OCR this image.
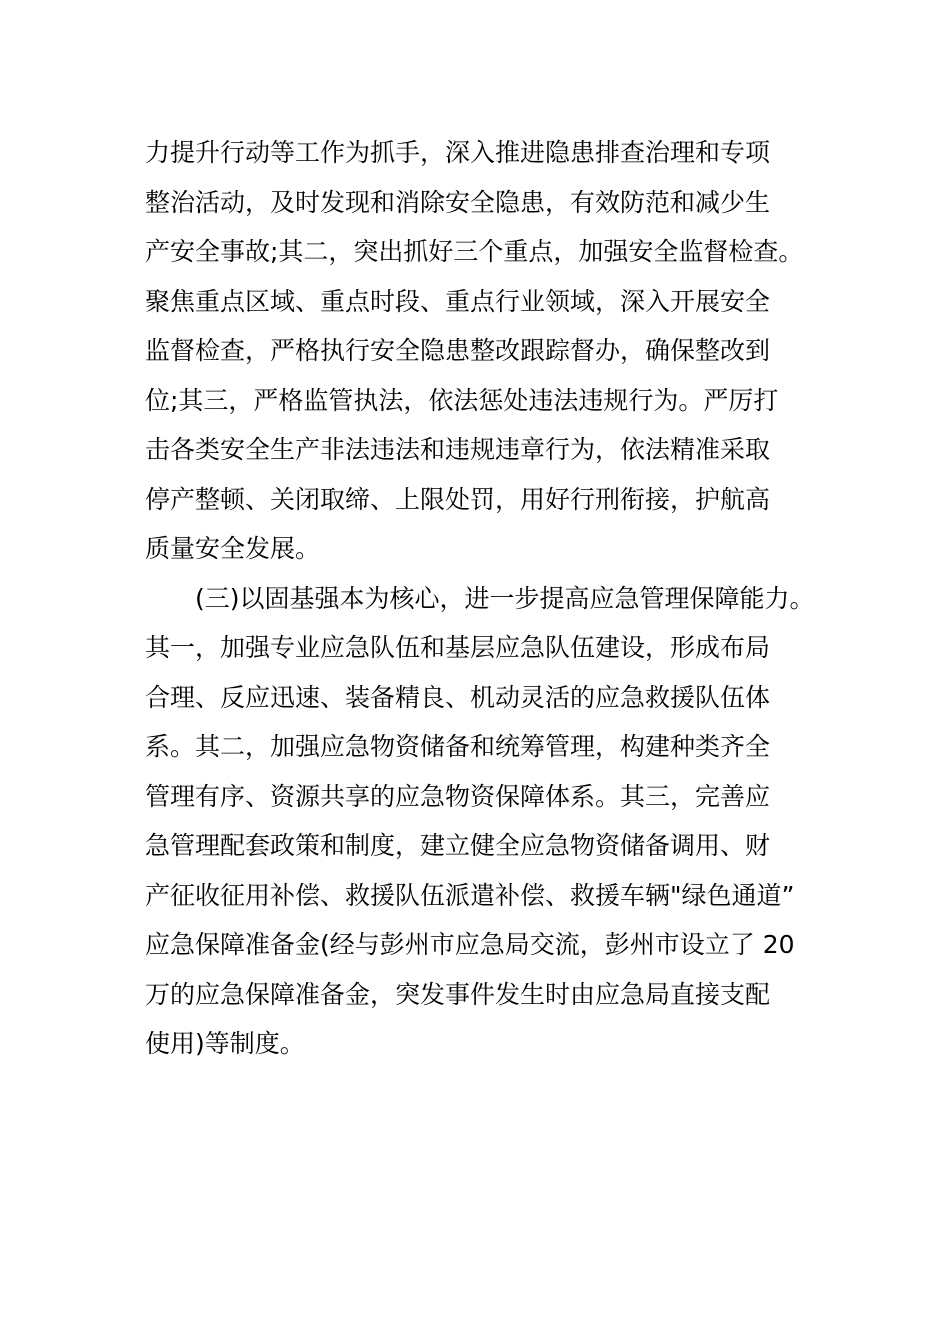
力提升行动等工作为抓手，深入推进隐患排查治理和专项
整治活动，及时发现和消除安全隐患，有效防范和减少生
产安全事故;其二，突出抓好三个重点，加强安全监督检查。
聚焦重点区域、重点时段、重点行业领域，深入开展安全
监督检查，严格执行安全隐患整改跟踪督办，确保整改到
位;其三，严格监管执法，依法惩处违法违规行为。严厉打
击各类安全生产非法违法和违规违章行为，依法精准采取
停产整顿、关闭取缔、上限处罚，用好行刑衔接，护航高
质量安全发展。
(三)以固基强本为核心，进一步提高应急管理保障能力。
其一，加强专业应急队伍和基层应急队伍建设，形成布局
合理、反应迅速、装备精良、机动灵活的应急救援队伍体
系。其二，加强应急物资储备和统筹管理，构建种类齐全
管理有序、资源共享的应急物资保障体系。其三，完善应
急管理配套政策和制度，建立健全应急物资储备调用、财
产征收征用补偿、救援队伍派遣补偿、救援车辆"绿色通道”
应急保障准备金(经与彭州市应急局交流，彭州市设立了 20
万的应急保障准备金，突发事件发生时由应急局直接支配
使用)等制度。
